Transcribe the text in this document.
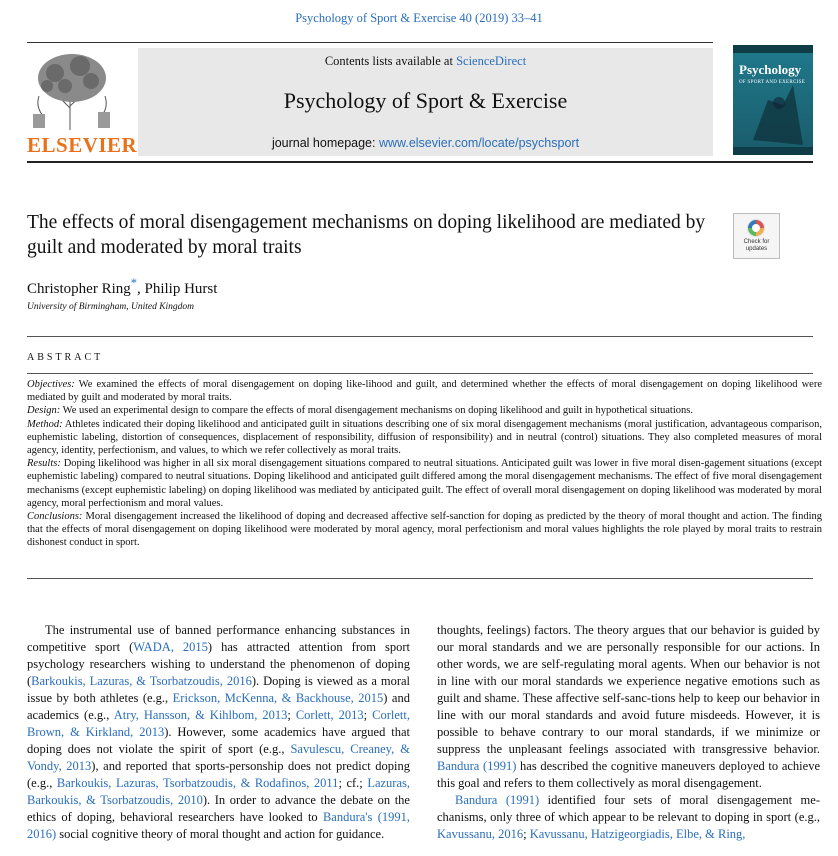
Psychology of Sport & Exercise 40 (2019) 33–41
ELSEVIER
Contents lists available at ScienceDirect
Psychology of Sport & Exercise
journal homepage: www.elsevier.com/locate/psychsport
Psychology
OF SPORT AND EXERCISE
The effects of moral disengagement mechanisms on doping likelihood are mediated by guilt and moderated by moral traits	Check for updates
Christopher Ring*, Philip Hurst
University of Birmingham, United Kingdom
ABSTRACT

Objectives: We examined the effects of moral disengagement on doping like-lihood and guilt, and determined whether the effects of moral disengagement on doping likelihood were mediated by guilt and moderated by moral traits.

Design: We used an experimental design to compare the effects of moral disengagement mechanisms on doping likelihood and guilt in hypothetical situations.

Method: Athletes indicated their doping likelihood and anticipated guilt in situations describing one of six moral disengagement mechanisms (moral justification, advantageous comparison, euphemistic labeling, distortion of consequences, displacement of responsibility, diffusion of responsibility) and in neutral (control) situations. They also completed measures of moral agency, identity, perfectionism, and values, to which we refer collectively as moral traits.

Results: Doping likelihood was higher in all six moral disengagement situations compared to neutral situations. Anticipated guilt was lower in five moral disen-gagement situations (except euphemistic labeling) compared to neutral situations. Doping likelihood and anticipated guilt differed among the moral disengagement mechanisms. The effect of five moral disengagement mechanisms (except euphemistic labeling) on doping likelihood was mediated by anticipated guilt. The effect of overall moral disengagement on doping likelihood was moderated by moral agency, moral perfectionism and moral values.

Conclusions: Moral disengagement increased the likelihood of doping and decreased affective self-sanction for doping as predicted by the theory of moral thought and action. The finding that the effects of moral disengagement on doping likelihood were moderated by moral agency, moral perfectionism and moral values highlights the role played by moral traits to restrain dishonest conduct in sport.

The instrumental use of banned performance enhancing substances in competitive sport (WADA, 2015) has attracted attention from sport psychology researchers wishing to understand the phenomenon of doping (Barkoukis, Lazuras, & Tsorbatzoudis, 2016). Doping is viewed as a moral issue by both athletes (e.g., Erickson, McKenna, & Backhouse, 2015) and academics (e.g., Atry, Hansson, & Kihlbom, 2013; Corlett, 2013; Corlett, Brown, & Kirkland, 2013). However, some academics have argued that doping does not violate the spirit of sport (e.g., Savulescu, Creaney, & Vondy, 2013), and reported that sports-personship does not predict doping (e.g., Barkoukis, Lazuras, Tsorbatzoudis, & Rodafinos, 2011; cf.; Lazuras, Barkoukis, & Tsorbatzoudis, 2010). In order to advance the debate on the ethics of doping, behavioral researchers have looked to Bandura's (1991, 2016) social cognitive theory of moral thought and action for guidance.

thoughts, feelings) factors. The theory argues that our behavior is guided by our moral standards and we are personally responsible for our actions. In other words, we are self-regulating moral agents. When our behavior is not in line with our moral standards we experience negative emotions such as guilt and shame. These affective self-sanc-tions help to keep our behavior in line with our moral standards and avoid future misdeeds. However, it is possible to behave contrary to our moral standards, if we minimize or suppress the unpleasant feelings associated with transgressive behavior. Bandura (1991) has described the cognitive maneuvers deployed to achieve this goal and refers to them collectively as moral disengagement.

Bandura (1991) identified four sets of moral disengagement me-chanisms, only three of which appear to be relevant to doping in sport (e.g., Kavussanu, 2016; Kavussanu, Hatzigeorgiadis, Elbe, & Ring,
